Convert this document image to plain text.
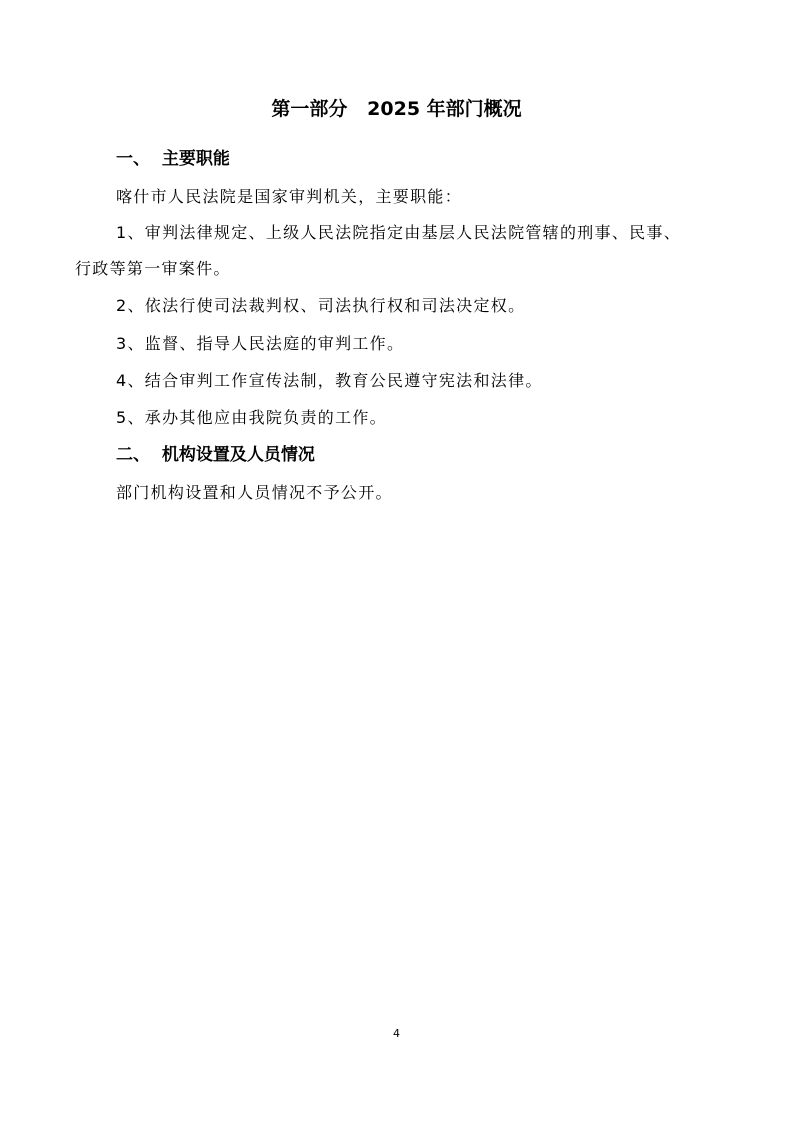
第一部分   2025 年部门概况
一、  主要职能
喀什市人民法院是国家审判机关，主要职能：
1、审判法律规定、上级人民法院指定由基层人民法院管辖的刑事、民事、
行政等第一审案件。
2、依法行使司法裁判权、司法执行权和司法决定权。
3、监督、指导人民法庭的审判工作。
4、结合审判工作宣传法制，教育公民遵守宪法和法律。
5、承办其他应由我院负责的工作。
二、  机构设置及人员情况
部门机构设置和人员情况不予公开。
4
